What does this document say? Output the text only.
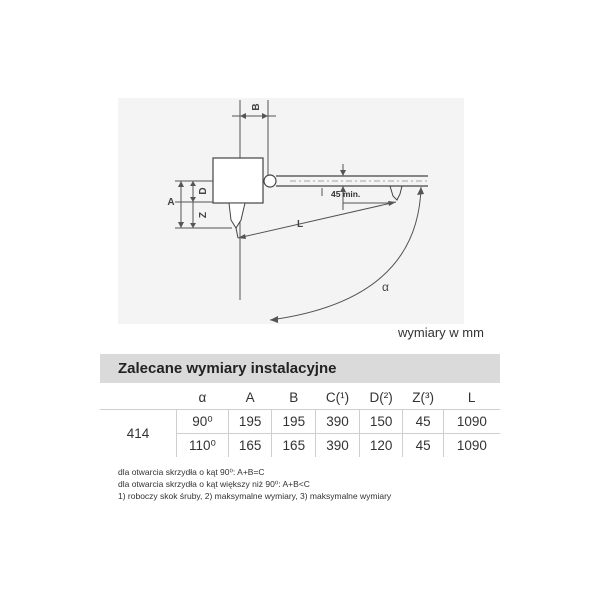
B
A
D
Z
45 min.
L
α
wymiary w mm
Zalecane wymiary instalacyjne
	α	A	B	C(¹)	D(²)	Z(³)	L
414	90⁰	195	195	390	150	45	1090
	110⁰	165	165	390	120	45	1090
dla otwarcia skrzydła o kąt 90⁰: A+B=C
dla otwarcia skrzydła o kąt większy niż 90⁰: A+B<C
1) roboczy skok śruby, 2) maksymalne wymiary, 3) maksymalne wymiary
